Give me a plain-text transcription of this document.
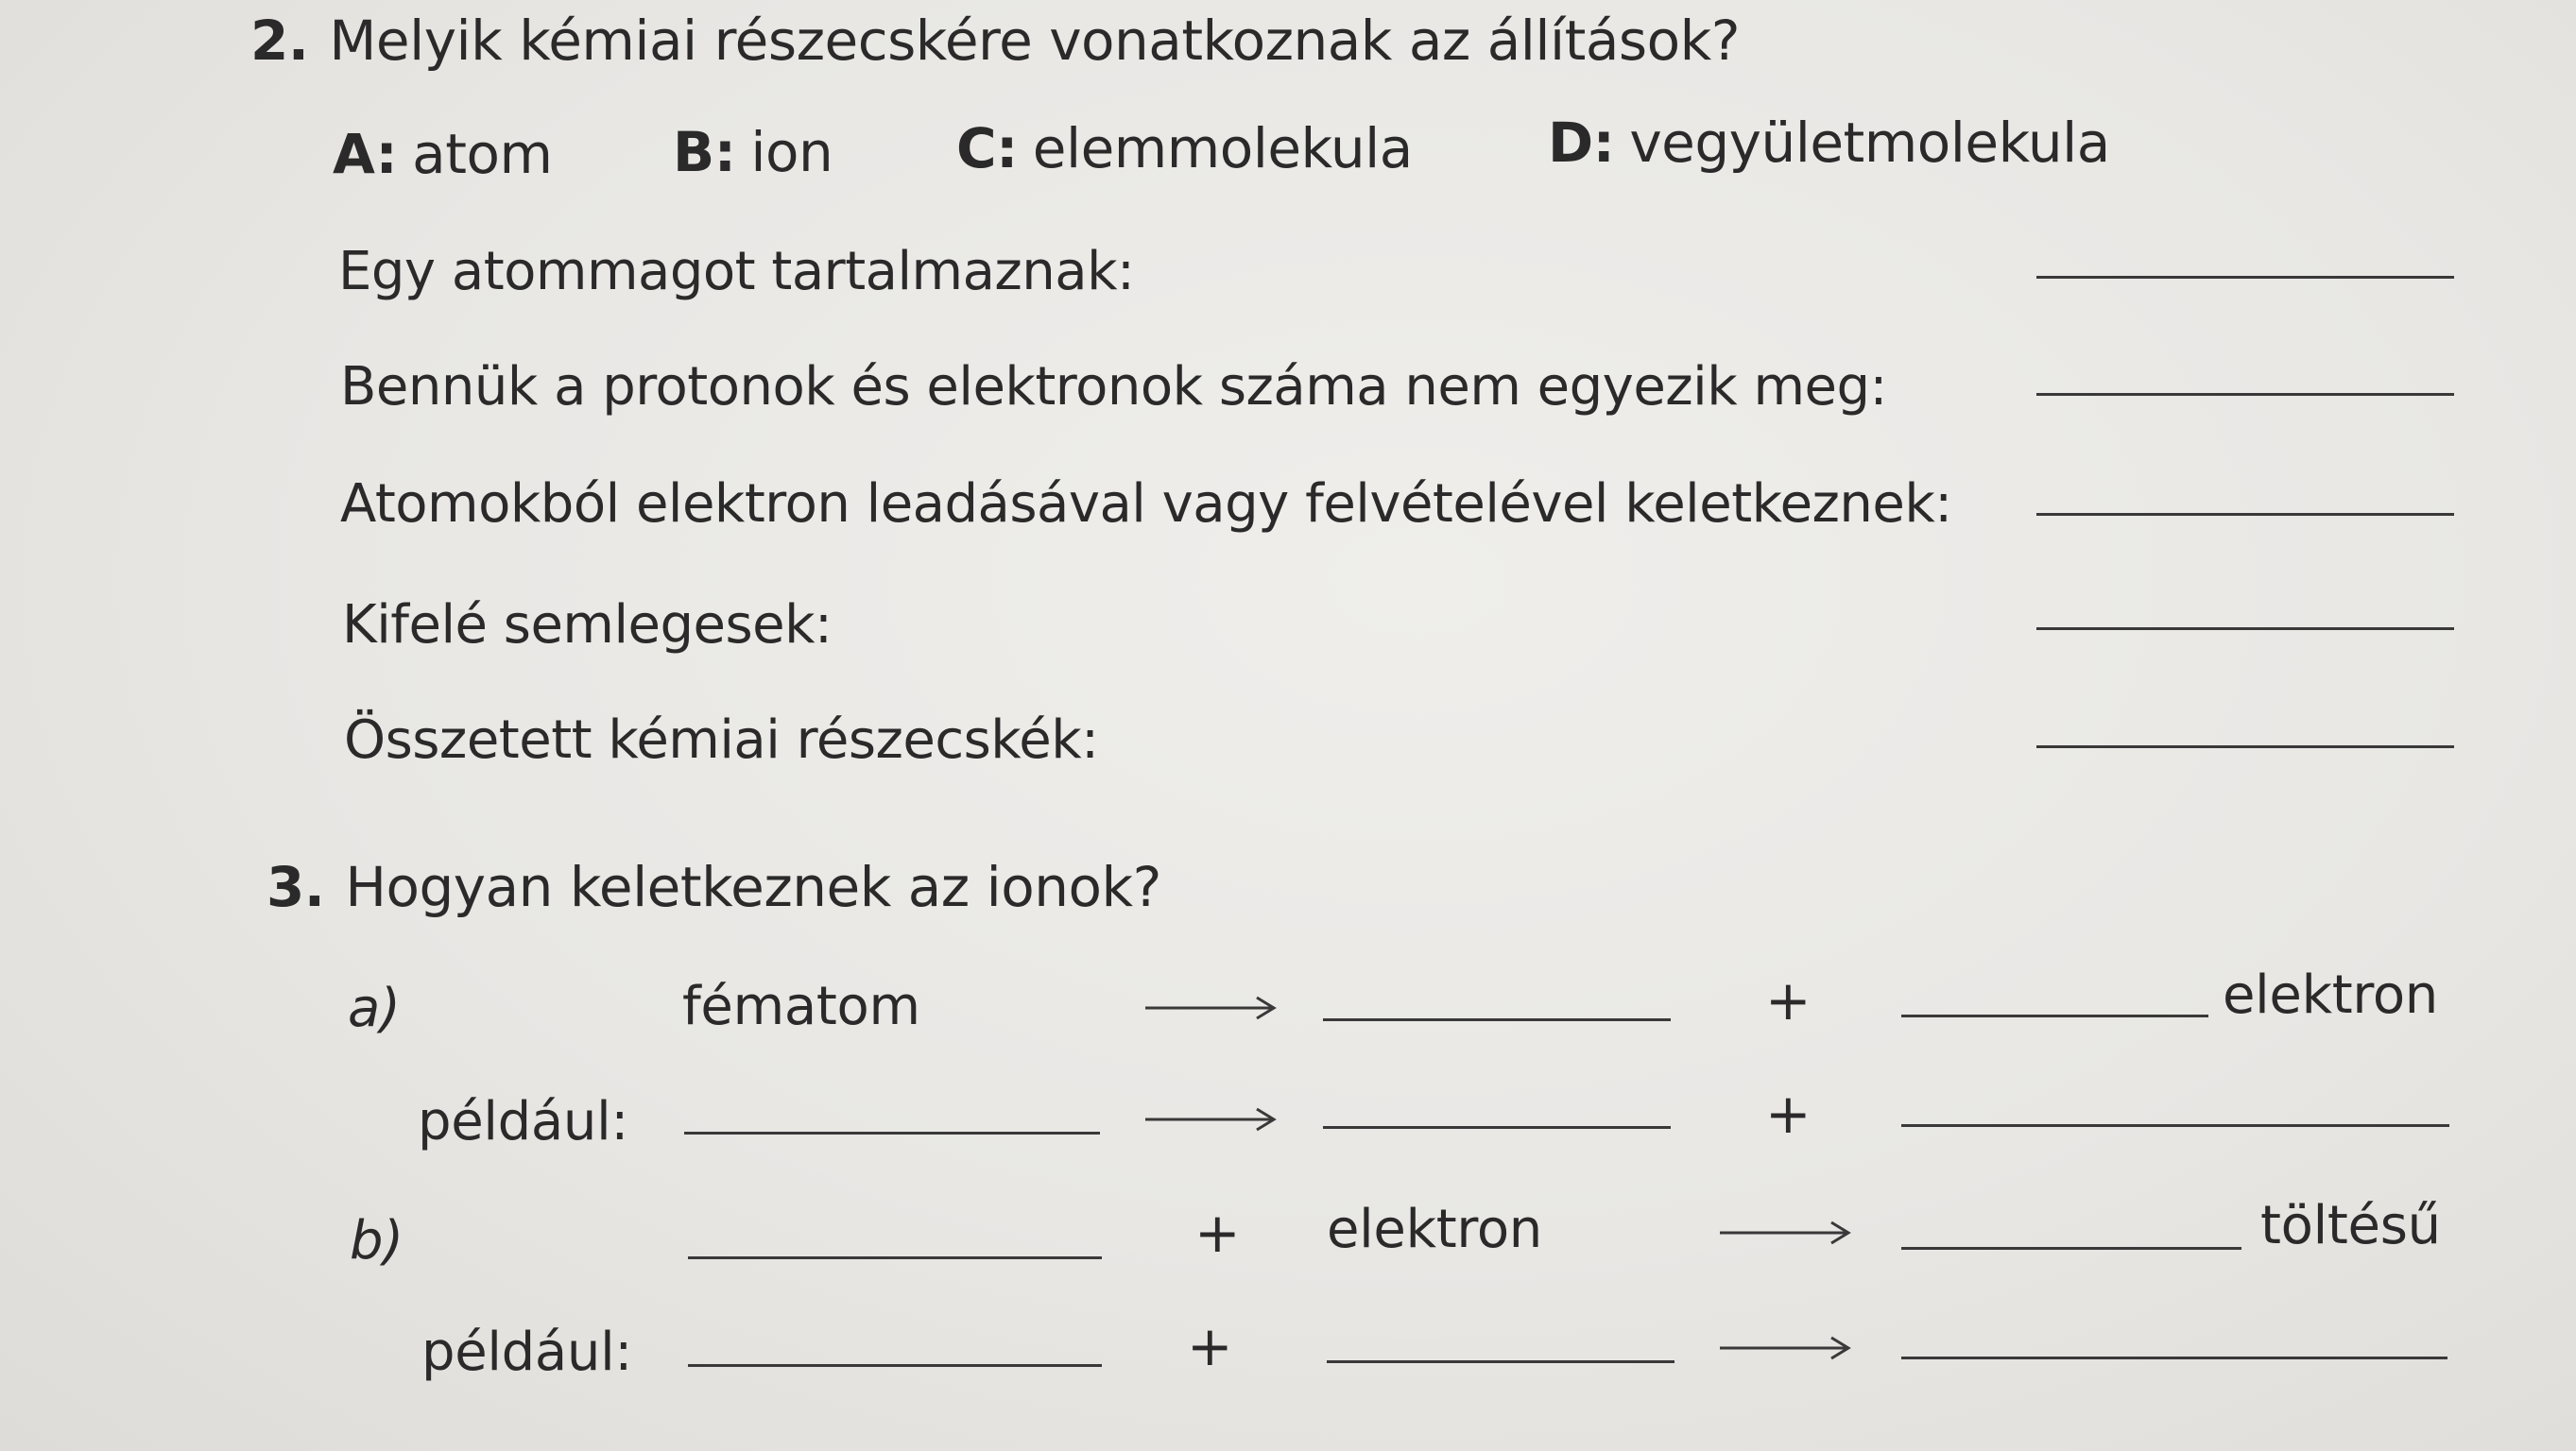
2. Melyik kémiai részecskére vonatkoznak az állítások?
A: atom B: ion C: elemmolekula D: vegyületmolekula
Egy atommagot tartalmaznak:
Bennük a protonok és elektronok száma nem egyezik meg:
Atomokból elektron leadásával vagy felvételével keletkeznek:
Kifelé semlegesek:
Összetett kémiai részecskék:
3. Hogyan keletkeznek az ionok?
a)	fématom	+	elektron
például:	+
b)	+ elektron	töltésű
például:	+
